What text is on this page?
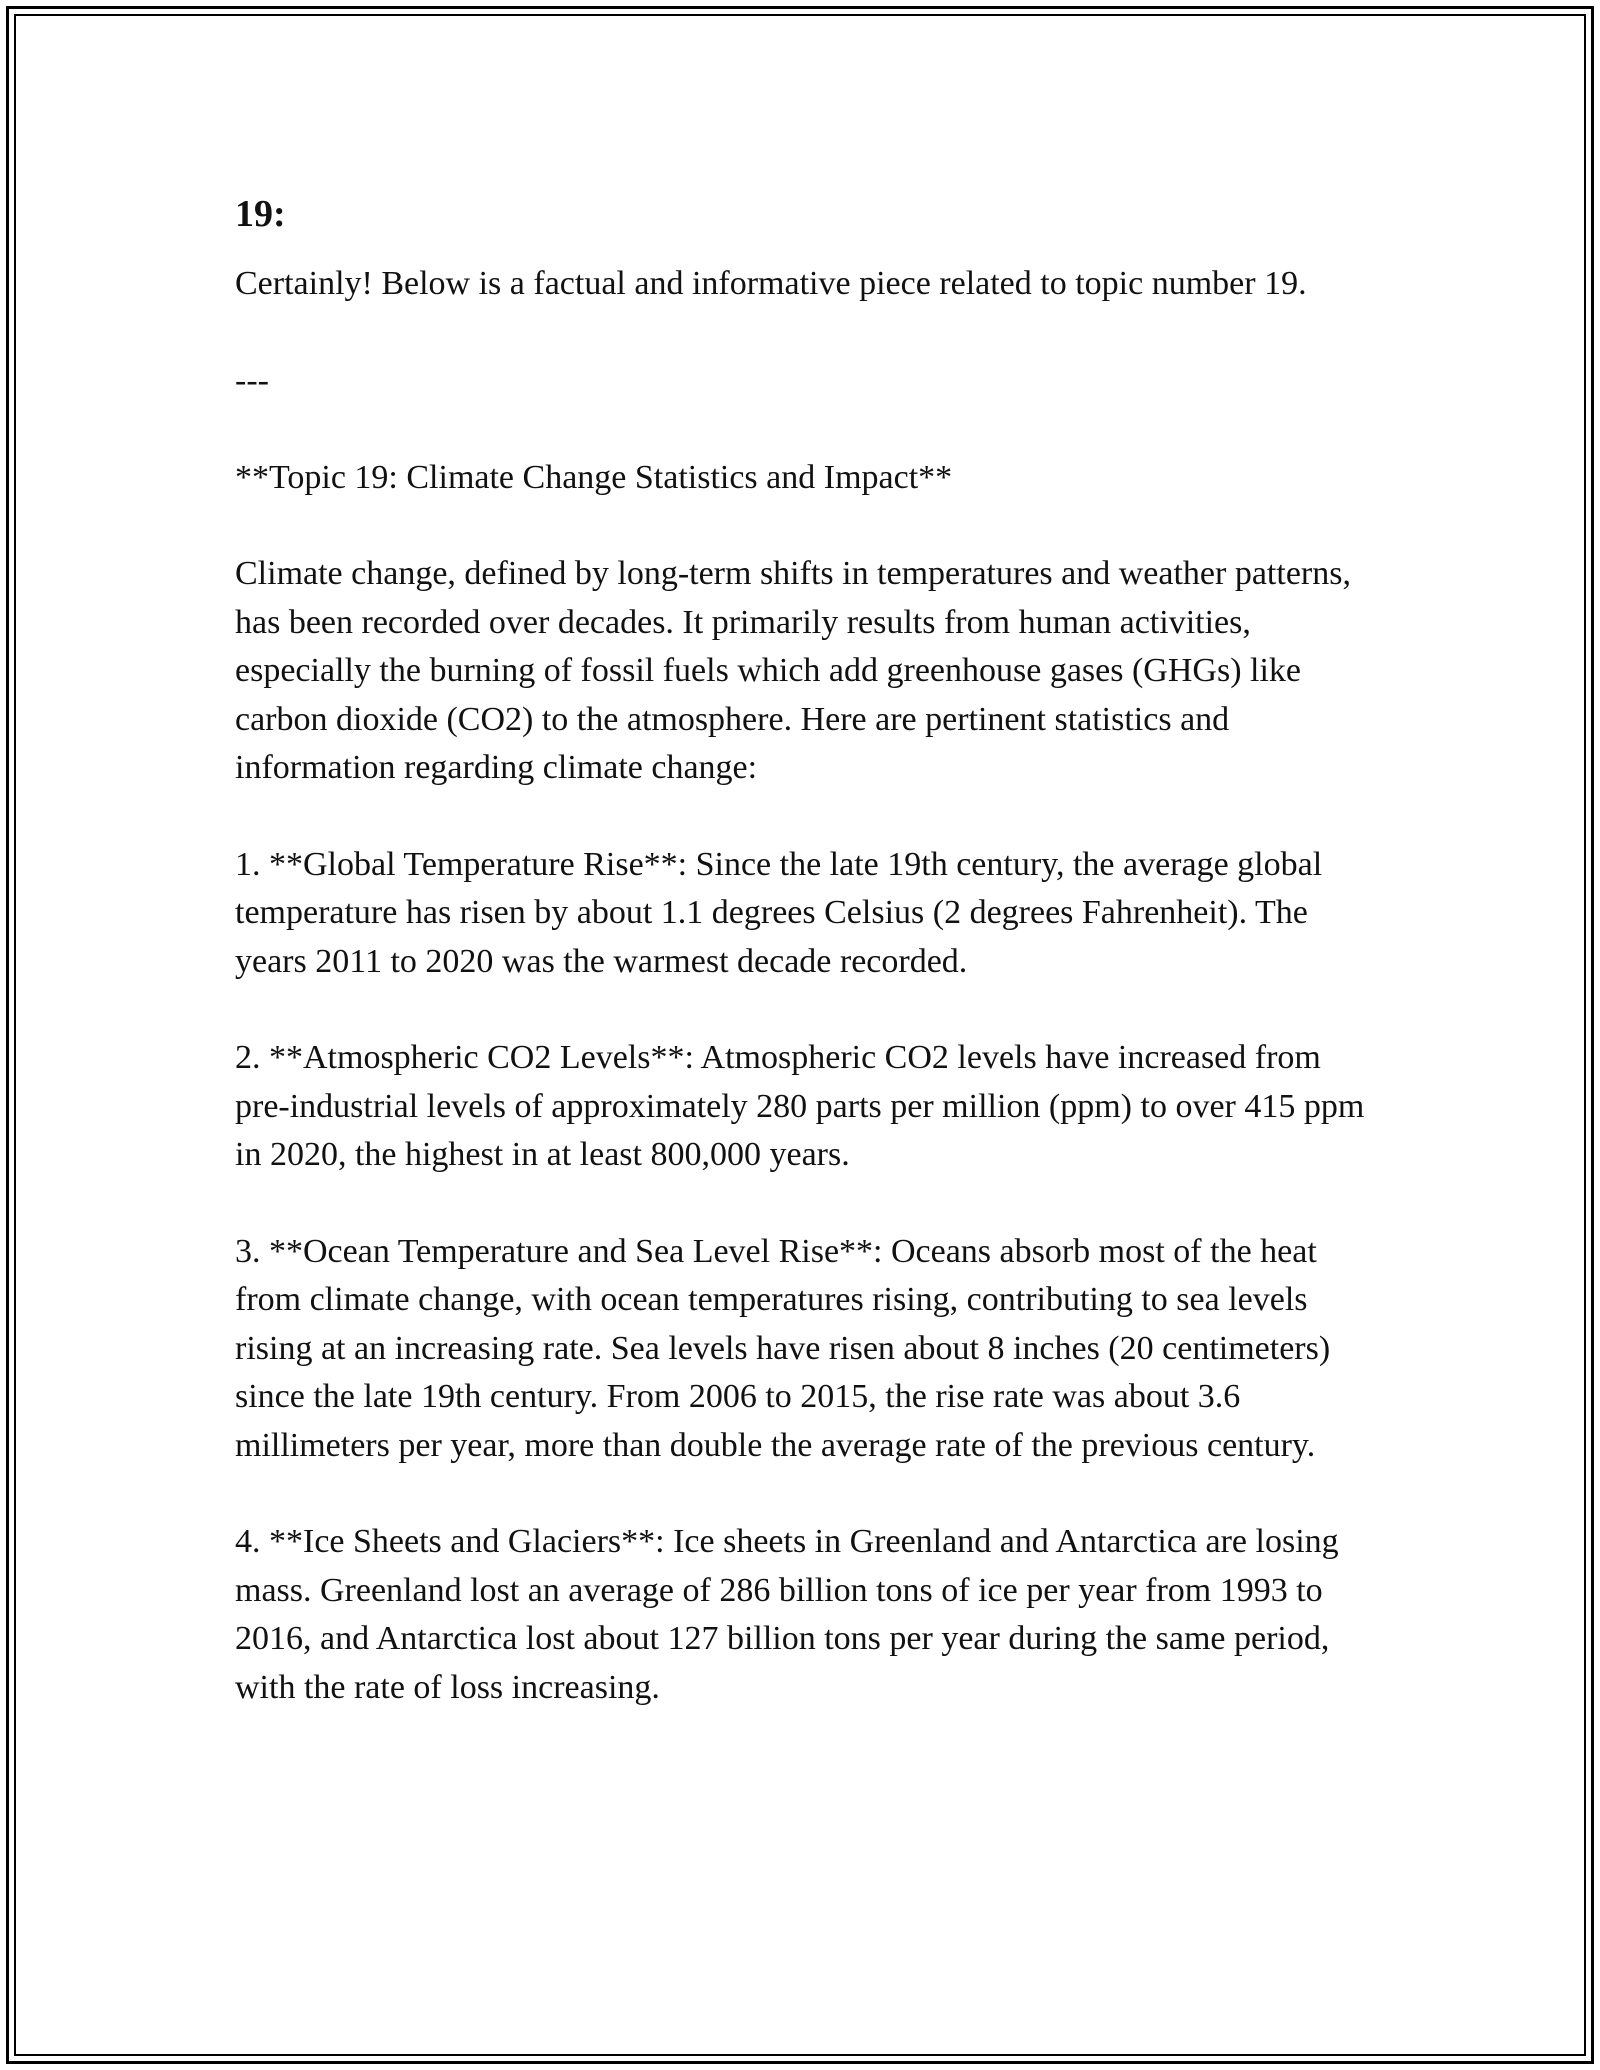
19:

Certainly! Below is a factual and informative piece related to topic number 19.

---

**Topic 19: Climate Change Statistics and Impact**

Climate change, defined by long-term shifts in temperatures and weather patterns, has been recorded over decades. It primarily results from human activities, especially the burning of fossil fuels which add greenhouse gases (GHGs) like carbon dioxide (CO2) to the atmosphere. Here are pertinent statistics and information regarding climate change:

1. **Global Temperature Rise**: Since the late 19th century, the average global temperature has risen by about 1.1 degrees Celsius (2 degrees Fahrenheit). The years 2011 to 2020 was the warmest decade recorded.

2. **Atmospheric CO2 Levels**: Atmospheric CO2 levels have increased from pre-industrial levels of approximately 280 parts per million (ppm) to over 415 ppm in 2020, the highest in at least 800,000 years.

3. **Ocean Temperature and Sea Level Rise**: Oceans absorb most of the heat from climate change, with ocean temperatures rising, contributing to sea levels rising at an increasing rate. Sea levels have risen about 8 inches (20 centimeters) since the late 19th century. From 2006 to 2015, the rise rate was about 3.6 millimeters per year, more than double the average rate of the previous century.

4. **Ice Sheets and Glaciers**: Ice sheets in Greenland and Antarctica are losing mass. Greenland lost an average of 286 billion tons of ice per year from 1993 to 2016, and Antarctica lost about 127 billion tons per year during the same period, with the rate of loss increasing.
